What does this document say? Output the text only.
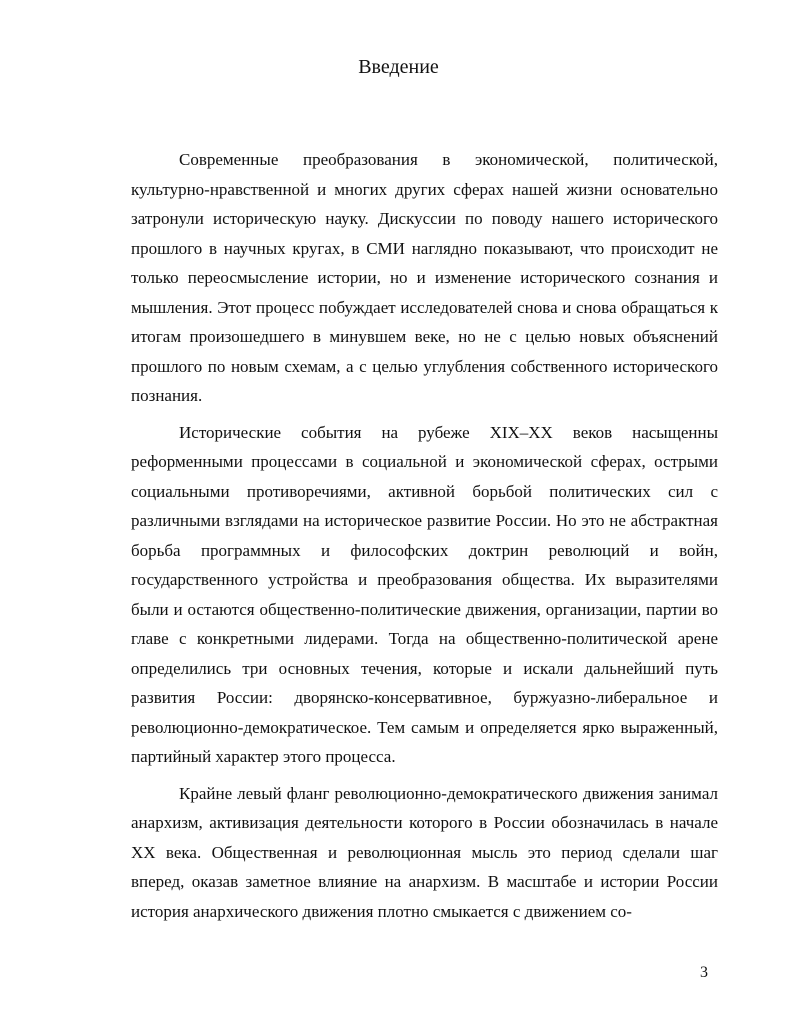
Введение

Современные преобразования в экономической, политической, культурно-нравственной и многих других сферах нашей жизни основательно затронули историческую науку. Дискуссии по поводу нашего исторического прошлого в научных кругах, в СМИ наглядно показывают, что происходит не только переосмысление истории, но и изменение исторического сознания и мышления. Этот процесс побуждает исследователей снова и снова обращаться к итогам произошедшего в минувшем веке, но не с целью новых объяснений прошлого по новым схемам, а с целью углубления собственного исторического познания.

Исторические события на рубеже XIX–XX веков насыщенны реформенными процессами в социальной и экономической сферах, острыми социальными противоречиями, активной борьбой политических сил с различными взглядами на историческое развитие России. Но это не абстрактная борьба программных и философских доктрин революций и войн, государственного устройства и преобразования общества. Их выразителями были и остаются общественно-политические движения, организации, партии во главе с конкретными лидерами. Тогда на общественно-политической арене определились три основных течения, которые и искали дальнейший путь развития России: дворянско-консервативное, буржуазно-либеральное и революционно-демократическое. Тем самым и определяется ярко выраженный, партийный характер этого процесса.

Крайне левый фланг революционно-демократического движения занимал анархизм, активизация деятельности которого в России обозначилась в начале XX века. Общественная и революционная мысль это период сделали шаг вперед, оказав заметное влияние на анархизм. В масштабе и истории России история анархического движения плотно смыкается с движением со-

3
